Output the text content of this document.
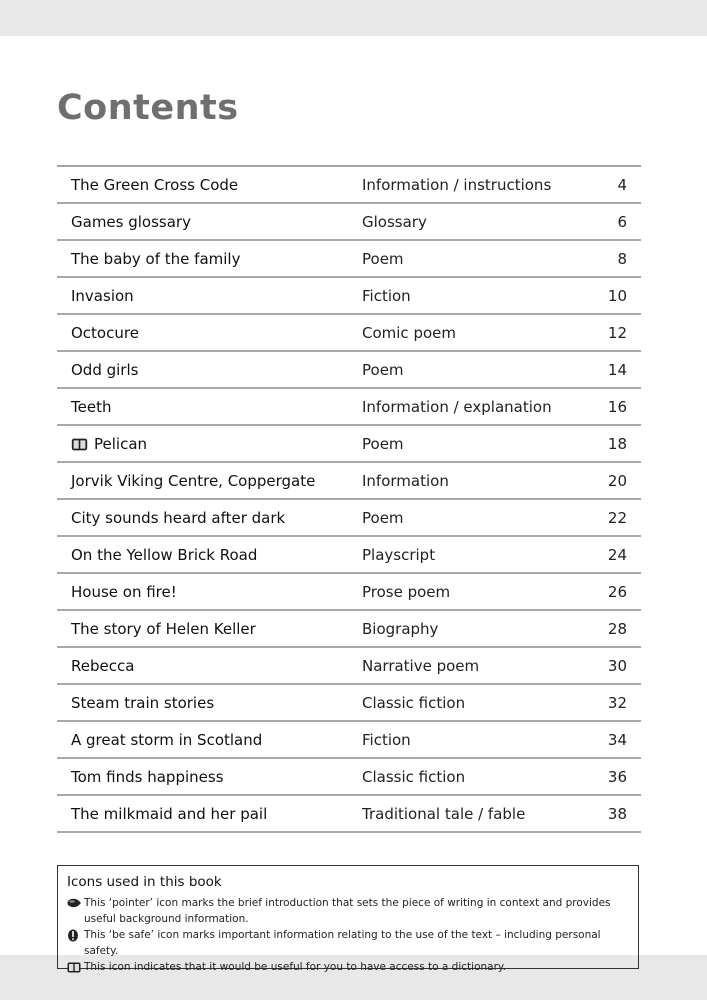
Contents
The Green Cross Code	Information / instructions	4
Games glossary	Glossary	6
The baby of the family	Poem	8
Invasion	Fiction	10
Octocure	Comic poem	12
Odd girls	Poem	14
Teeth	Information / explanation	16
Pelican	Poem	18
Jorvik Viking Centre, Coppergate	Information	20
City sounds heard after dark	Poem	22
On the Yellow Brick Road	Playscript	24
House on fire!	Prose poem	26
The story of Helen Keller	Biography	28
Rebecca	Narrative poem	30
Steam train stories	Classic fiction	32
A great storm in Scotland	Fiction	34
Tom finds happiness	Classic fiction	36
The milkmaid and her pail	Traditional tale / fable	38
Icons used in this book
This ‘pointer’ icon marks the brief introduction that sets the piece of writing in context and provides useful background information.
This ‘be safe’ icon marks important information relating to the use of the text – including personal safety.
This icon indicates that it would be useful for you to have access to a dictionary.
